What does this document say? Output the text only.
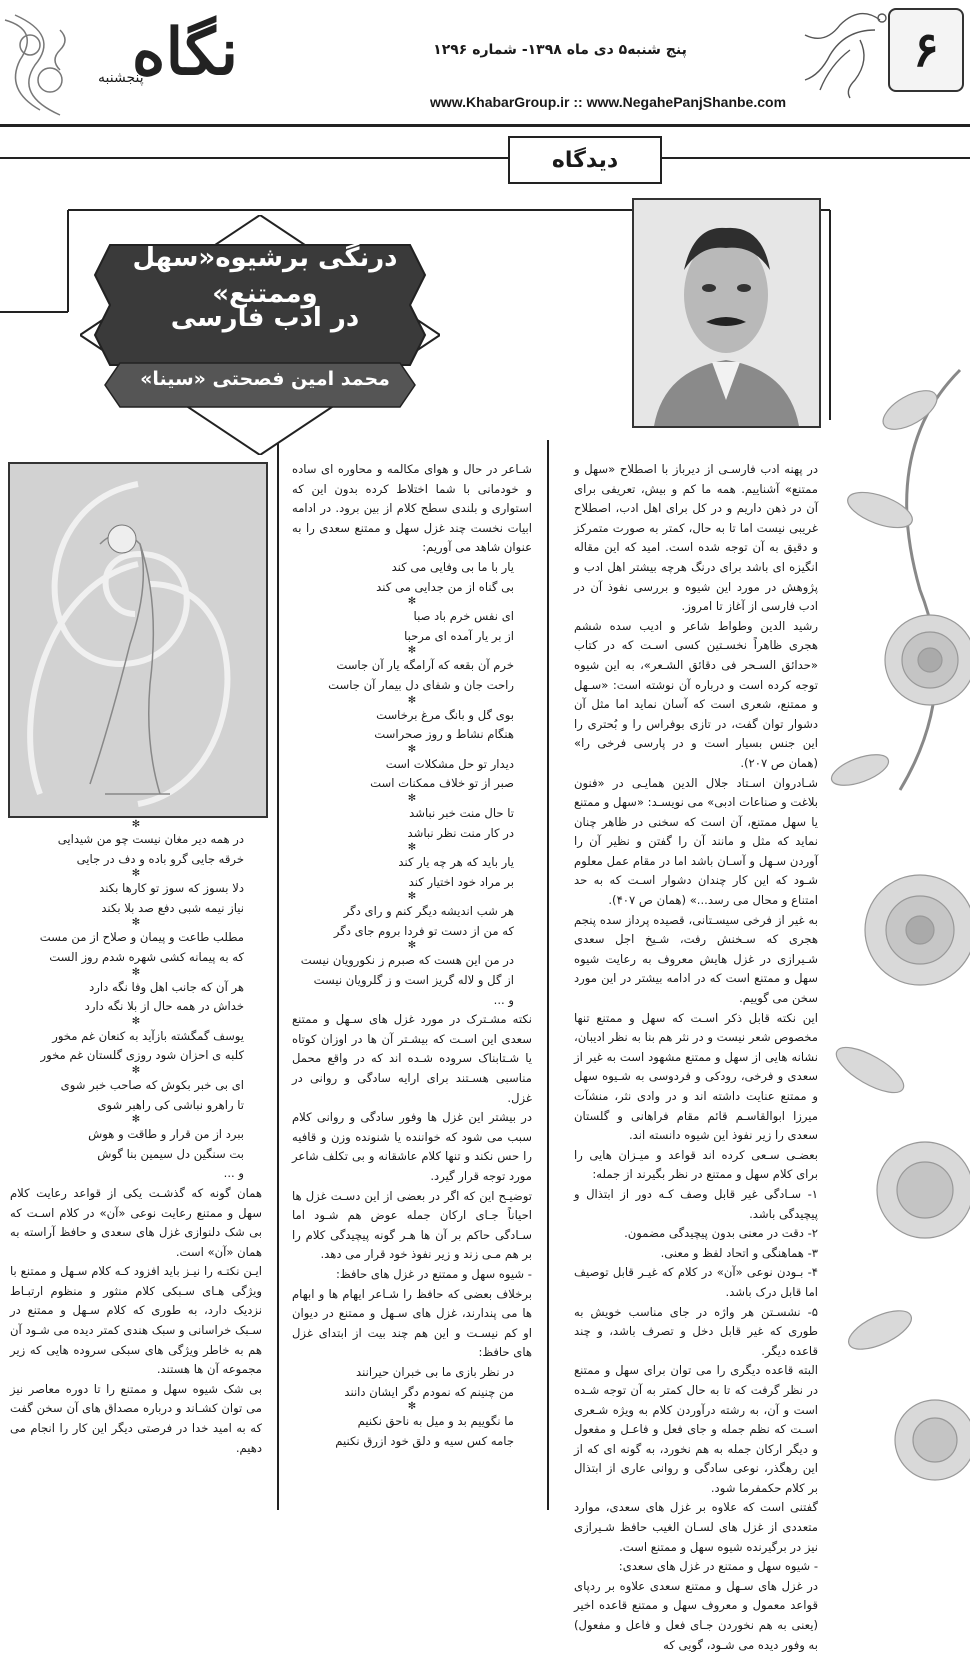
نگاه
پنجشنبه
پنج شنبه۵ دی ماه ۱۳۹۸- شماره ۱۲۹۶
www.KhabarGroup.ir :: www.NegahePanjShanbe.com
۶
دیدگاه
درنگی برشیوه«سهل وممتنع»
در ادب فارسی
محمد امین فصحتی «سینا»

در پهنه ادب فارسـی از دیرباز با اصطلاح «سهل و ممتنع» آشناییم. همه ما کم و بیش، تعریفی برای آن در ذهن داریم و در کل برای اهل ادب، اصطلاح غریبی نیست اما تا به حال، کمتر به صورت متمرکز و دقیق به آن توجه شده است. امید که این مقاله انگیزه ای باشد برای درنگ هرچه بیشتر اهل ادب و پژوهش در مورد این شیوه و بررسی نفوذ آن در ادب فارسی از آغاز تا امروز.

رشید الدین وطواط شاعر و ادیب سده ششم هجری ظاهراً نخسـتین کسی اسـت که در کتاب «حدائق السـحر فی دقائق الشـعر»، به این شیوه توجه کرده است و درباره آن نوشته است: «سـهل و ممتنع، شعری است که آسان نماید اما مثل آن دشوار توان گفت، در تازی بوفراس را و بُحتری را این جنس بسیار است و در پارسی فرخی را» (همان ص ۲۰۷).

شـادروان اسـتاد جلال الدین همایـی در «فنون بلاغت و صناعات ادبی» می نویسـد: «سهل و ممتنع یا سهل ممتنع، آن است که سخنی در ظاهر چنان نماید که مثل و مانند آن را گفتن و نظیر آن را آوردن سـهل و آسـان باشد اما در مقام عمل معلوم شـود که این کار چندان دشوار اسـت که به حد امتناع و محال می رسد...» (همان ص ۴۰۷).

به غیر از فرخی سیسـتانی، قصیده پرداز سده پنجم هجری که سـخنش رفت، شـیخ اجل سعدی شـیرازی در غزل هایش معروف به رعایت شیوه سهل و ممتنع است که در ادامه بیشتر در این مورد سخن می گوییم.

این نکته قابل ذکر اسـت که سهل و ممتنع تنها مخصوص شعر نیست و در نثر هم بنا به نظر ادیبان، نشانه هایی از سهل و ممتنع مشهود است به غیر از سعدی و فرخی، رودکی و فردوسی به شـیوه سهل و ممتنع عنایت داشته اند و در وادی نثر، منشآت میرزا ابوالقاسـم قائم مقام فراهانی و گلستان سعدی را زیر نفوذ این شیوه دانسته اند.

بعضـی سـعی کرده اند قواعد و میـزان هایی را برای کلام سهل و ممتنع در نظر بگیرند از جمله:

۱- سـادگی غیر قابل وصف کـه دور از ابتذال و پیچیدگی باشد.

۲- دقت در معنی بدون پیچیدگی مضمون.

۳- هماهنگی و اتحاد لفظ و معنی.

۴- بـودن نوعی «آن» در کلام که غیـر قابل توصیف اما قابل درک باشد.

۵- نشسـتن هر واژه در جای مناسب خویش به طوری که غیر قابل دخل و تصرف باشد، و چند قاعده دیگر.

البته قاعده دیگری را می توان برای سهل و ممتنع در نظر گرفت که تا به حال کمتر به آن توجه شـده است و آن، به رشته درآوردن کلام به ویژه شـعری اسـت که نظم جمله و جای فعل و فاعـل و مفعول و دیگر ارکان جمله به هم نخورد، به گونه ای که از این رهگذر، نوعی سادگی و روانی عاری از ابتذال بر کلام حکمفرما شود.

گفتنی است که علاوه بر غزل های سعدی، موارد متعددی از غزل های لسـان الغیب حافظ شـیرازی نیز در برگیرنده شیوه سهل و ممتنع است.

- شیوه سهل و ممتنع در غزل های سعدی:

در غزل های سـهل و ممتنع سعدی علاوه بر ردپای قواعد معمول و معروف سهل و ممتنع قاعده اخیر (یعنی به هم نخوردن جـای فعل و فاعل و مفعول) به وفور دیده می شـود، گویی که

شـاعر در حال و هوای مکالمه و محاوره ای ساده و خودمانی با شما اختلاط کرده بدون این که استواری و بلندی سطح کلام از بین برود. در ادامه ابیات نخست چند غزل سهل و ممتنع سعدی را به عنوان شاهد می آوریم:

یار با ما بی وفایی می کند

بی گناه از من جدایی می کند

✻

ای نفس خرم باد صبا

از بر یار آمده ای مرحبا

✻

خرم آن بقعه که آرامگه یار آن جاست

راحت جان و شفای دل بیمار آن جاست

✻

بوی گل و بانگ مرغ برخاست

هنگام نشاط و روز صحراست

✻

دیدار تو حل مشکلات است

صبر از تو خلاف ممکنات است

✻

تا حال منت خبر نباشد

در کار منت نظر نباشد

✻

یار باید که هر چه یار کند

بر مراد خود اختیار کند

✻

هر شب اندیشه دیگر کنم و رای دگر

که من از دست تو فردا بروم جای دگر

✻

در من این هست که صبرم ز نکورویان نیست

از گل و لاله گریز است و ز گلرویان نیست

و ...

نکته مشـترک در مورد غزل های سـهل و ممتنع سعدی این اسـت که بیشـتر آن ها در اوزان کوتاه یا شـتابناک سروده شـده اند که در واقع محمل مناسبی هسـتند برای ارایه سادگی و روانی در غزل.

در بیشتر این غزل ها وفور سادگی و روانی کلام سبب می شود که خواننده یا شنونده وزن و قافیه را حس نکند و تنها کلام عاشقانه و بی تکلف شاعر مورد توجه قرار گیرد.

توضیـح این که اگر در بعضی از این دسـت غزل ها احیاناً جـای ارکان جمله عوض هم شـود اما سـادگی حاکم بر آن ها هـر گونه پیچیدگی کلام را بر هم مـی زند و زیر نفوذ خود قرار می دهد.

- شیوه سهل و ممتنع در غزل های حافظ:

برخلاف بعضی که حافظ را شـاعر ایهام ها و ابهام ها می پندارند، غزل های سـهل و ممتنع در دیوان او کم نیسـت و این هم چند بیت از ابتدای غزل های حافظ:

در نظر بازی ما بی خبران حیرانند

من چنینم که نمودم دگر ایشان دانند

✻

ما نگوییم بد و میل به ناحق نکنیم

جامه کس سیه و دلق خود ازرق نکنیم

✻

در همه دیر مغان نیست چو من شیدایی

خرقه جایی گرو باده و دف در جایی

✻

دلا بسوز که سوز تو کارها بکند

نیاز نیمه شبی دفع صد بلا بکند

✻

مطلب طاعت و پیمان و صلاح از من مست

که به پیمانه کشی شهره شدم روز الست

✻

هر آن که جانب اهل وفا نگه دارد

خداش در همه حال از بلا نگه دارد

✻

یوسف گمگشته بازآید به کنعان غم مخور

کلبه ی احزان شود روزی گلستان غم مخور

✻

ای بی خبر بکوش که صاحب خبر شوی

تا راهرو نباشی کی راهبر شوی

✻

ببرد از من قرار و طاقت و هوش

بت سنگین دل سیمین بنا گوش

و ...

همان گونه که گذشـت یکی از قواعد رعایت کلام سهل و ممتنع رعایت نوعی «آن» در کلام اسـت که بی شک دلنوازی غزل های سعدی و حافظ آراسته به همان «آن» است.

ایـن نکتـه را نیـز باید افزود کـه کلام سـهل و ممتنع با ویژگی هـای سـبکی کلام منثور و منظوم ارتبـاط نزدیک دارد، به طوری که کلام سـهل و ممتنع در سـبک خراسانی و سبک هندی کمتر دیده می شـود آن هم به خاطر ویژگی های سبکی سروده هایی که زیر مجموعه آن ها هستند.

بی شک شیوه سهل و ممتنع را تا دوره معاصر نیز می توان کشـاند و درباره مصداق های آن سخن گفت که به امید خدا در فرصتی دیگر این کار را انجام می دهیم.
